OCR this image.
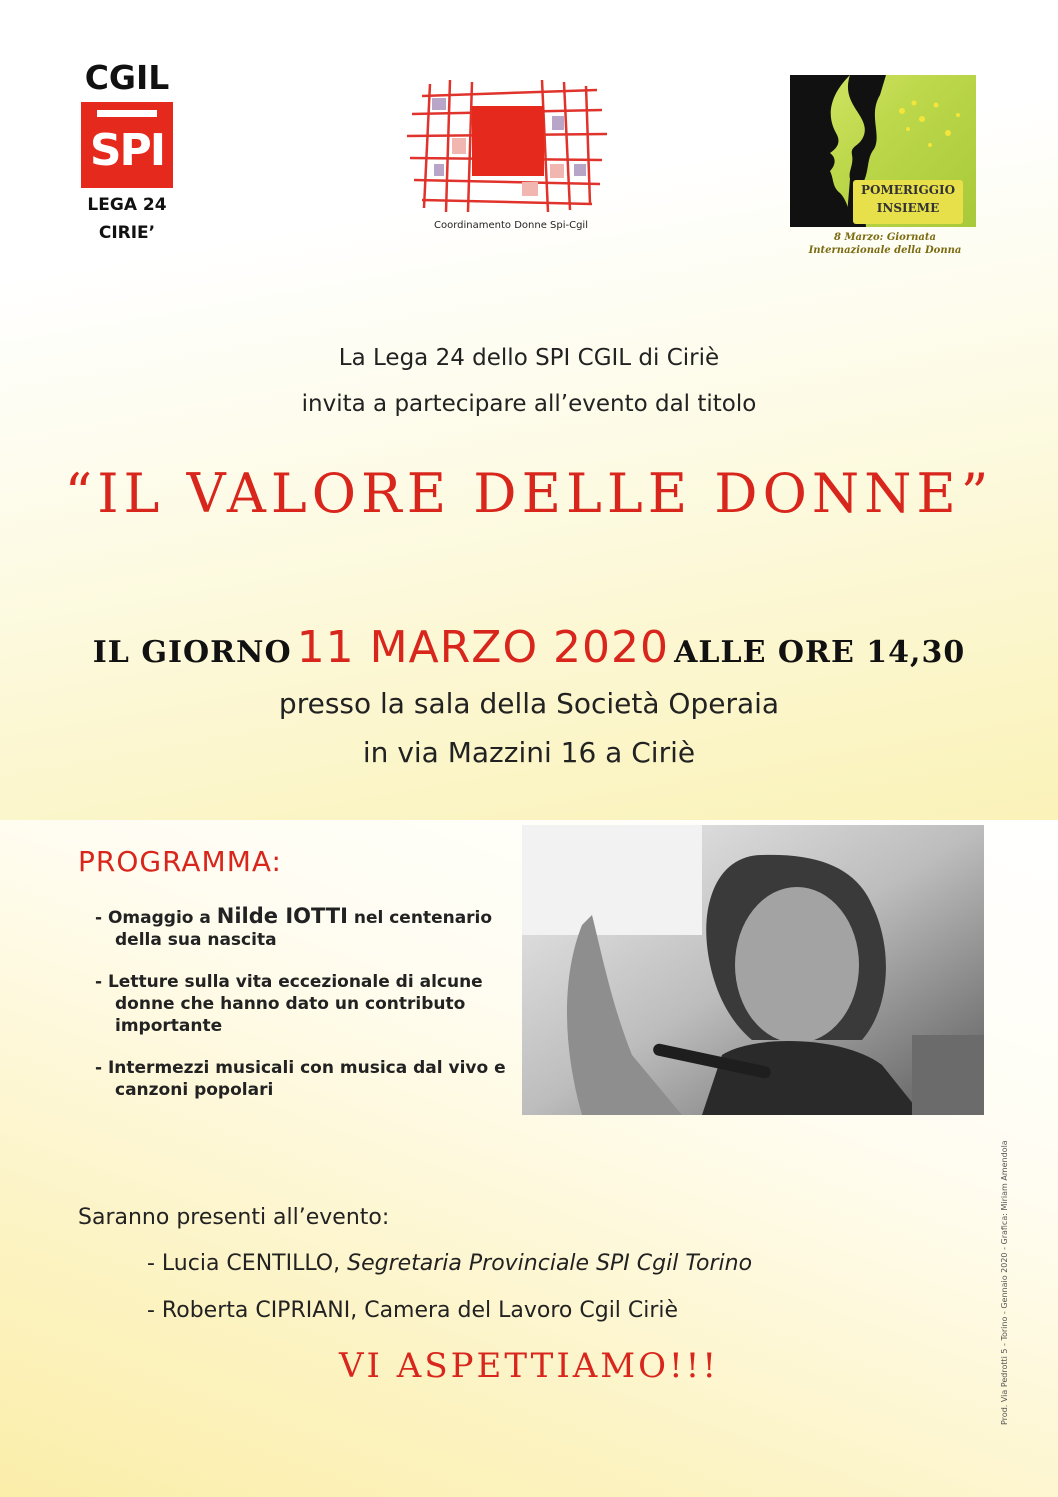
CGIL
SPI
LEGA 24
CIRIE’	Coordinamento Donne Spi-Cgil
POMERIGGIO
INSIEME
8 Marzo: Giornata
Internazionale della Donna
La Lega 24 dello SPI CGIL di Ciriè
invita a partecipare all’evento dal titolo
“IL VALORE DELLE DONNE”
IL GIORNO 11 MARZO 2020 ALLE ORE 14,30
presso la sala della Società Operaia
in via Mazzini 16 a Ciriè
PROGRAMMA:
- Omaggio a Nilde IOTTI nel centenario della sua nascita
- Letture sulla vita eccezionale di alcune donne che hanno dato un contributo importante
- Intermezzi musicali con musica dal vivo e canzoni popolari
Saranno presenti all’evento:
- Lucia CENTILLO, Segretaria Provinciale SPI Cgil Torino
- Roberta CIPRIANI, Camera del Lavoro Cgil Ciriè
VI ASPETTIAMO!!!	Prod. Via Pedrotti 5 - Torino - Gennaio 2020 - Grafica: Miriam Amendola
